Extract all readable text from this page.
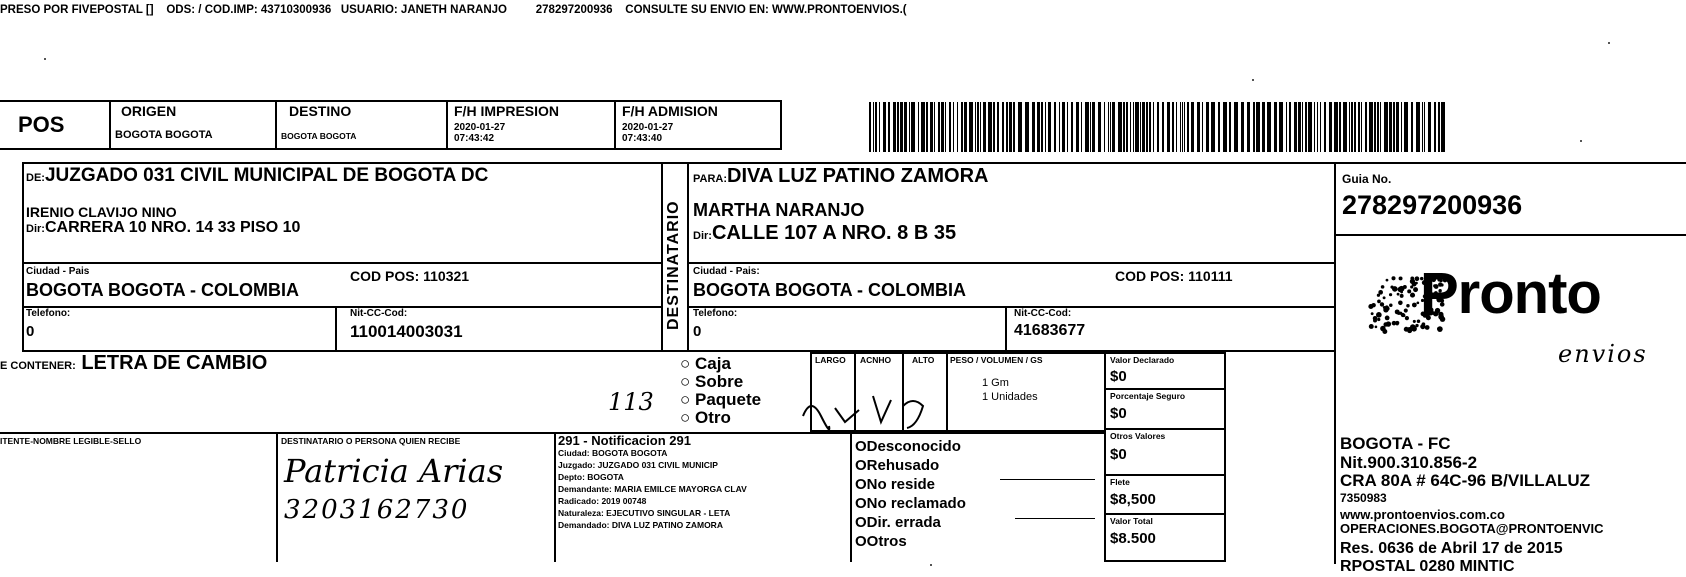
PRESO POR FIVEPOSTAL [] ODS: / COD.IMP: 43710300936 USUARIO: JANETH NARANJO	278297200936 CONSULTE SU ENVIO EN: WWW.PRONTOENVIOS.(
POS
ORIGEN
BOGOTA BOGOTA
DESTINO
BOGOTA BOGOTA
F/H IMPRESION
2020-01-27
07:43:42
F/H ADMISION
2020-01-27
07:43:40
DE:JUZGADO 031 CIVIL MUNICIPAL DE BOGOTA DC
IRENIO CLAVIJO NINO
Dir:CARRERA 10 NRO. 14 33 PISO 10
Ciudad - Pais
BOGOTA BOGOTA - COLOMBIA
COD POS: 110321
Telefono:
0
Nit-CC-Cod:
110014003031
DESTINATARIO
PARA:DIVA LUZ PATINO ZAMORA
MARTHA NARANJO
Dir:CALLE 107 A NRO. 8 B 35
Ciudad - Pais:
BOGOTA BOGOTA - COLOMBIA
COD POS: 110111
Telefono:
0
Nit-CC-Cod:
41683677
Guia No.
278297200936
Pronto
envios
E CONTENER: LETRA DE CAMBIO	○ Caja
○ Sobre
○ Paquete
○ Otro
113
LARGO ACNHO ALTO PESO / VOLUMEN / GS
1 Gm
1 Unidades
Valor Declarado
$0
Porcentaje Seguro
$0
Otros Valores
$0
Flete
$8,500
Valor Total
$8.500
ITENTE-NOMBRE LEGIBLE-SELLO	DESTINATARIO O PERSONA QUIEN RECIBE
Patricia Arias
3203162730
291 - Notificacion 291
Ciudad: BOGOTA BOGOTA
Juzgado: JUZGADO 031 CIVIL MUNICIP
Depto: BOGOTA
Demandante: MARIA EMILCE MAYORGA CLAV
Radicado: 2019 00748
Naturaleza: EJECUTIVO SINGULAR - LETA
Demandado: DIVA LUZ PATINO ZAMORA
ODesconocido
ORehusado
ONo reside
ONo reclamado
ODir. errada
OOtros
BOGOTA - FC
Nit.900.310.856-2
CRA 80A # 64C-96 B/VILLALUZ
7350983
www.prontoenvios.com.co
OPERACIONES.BOGOTA@PRONTOENVIC
Res. 0636 de Abril 17 de 2015
RPOSTAL 0280 MINTIC
